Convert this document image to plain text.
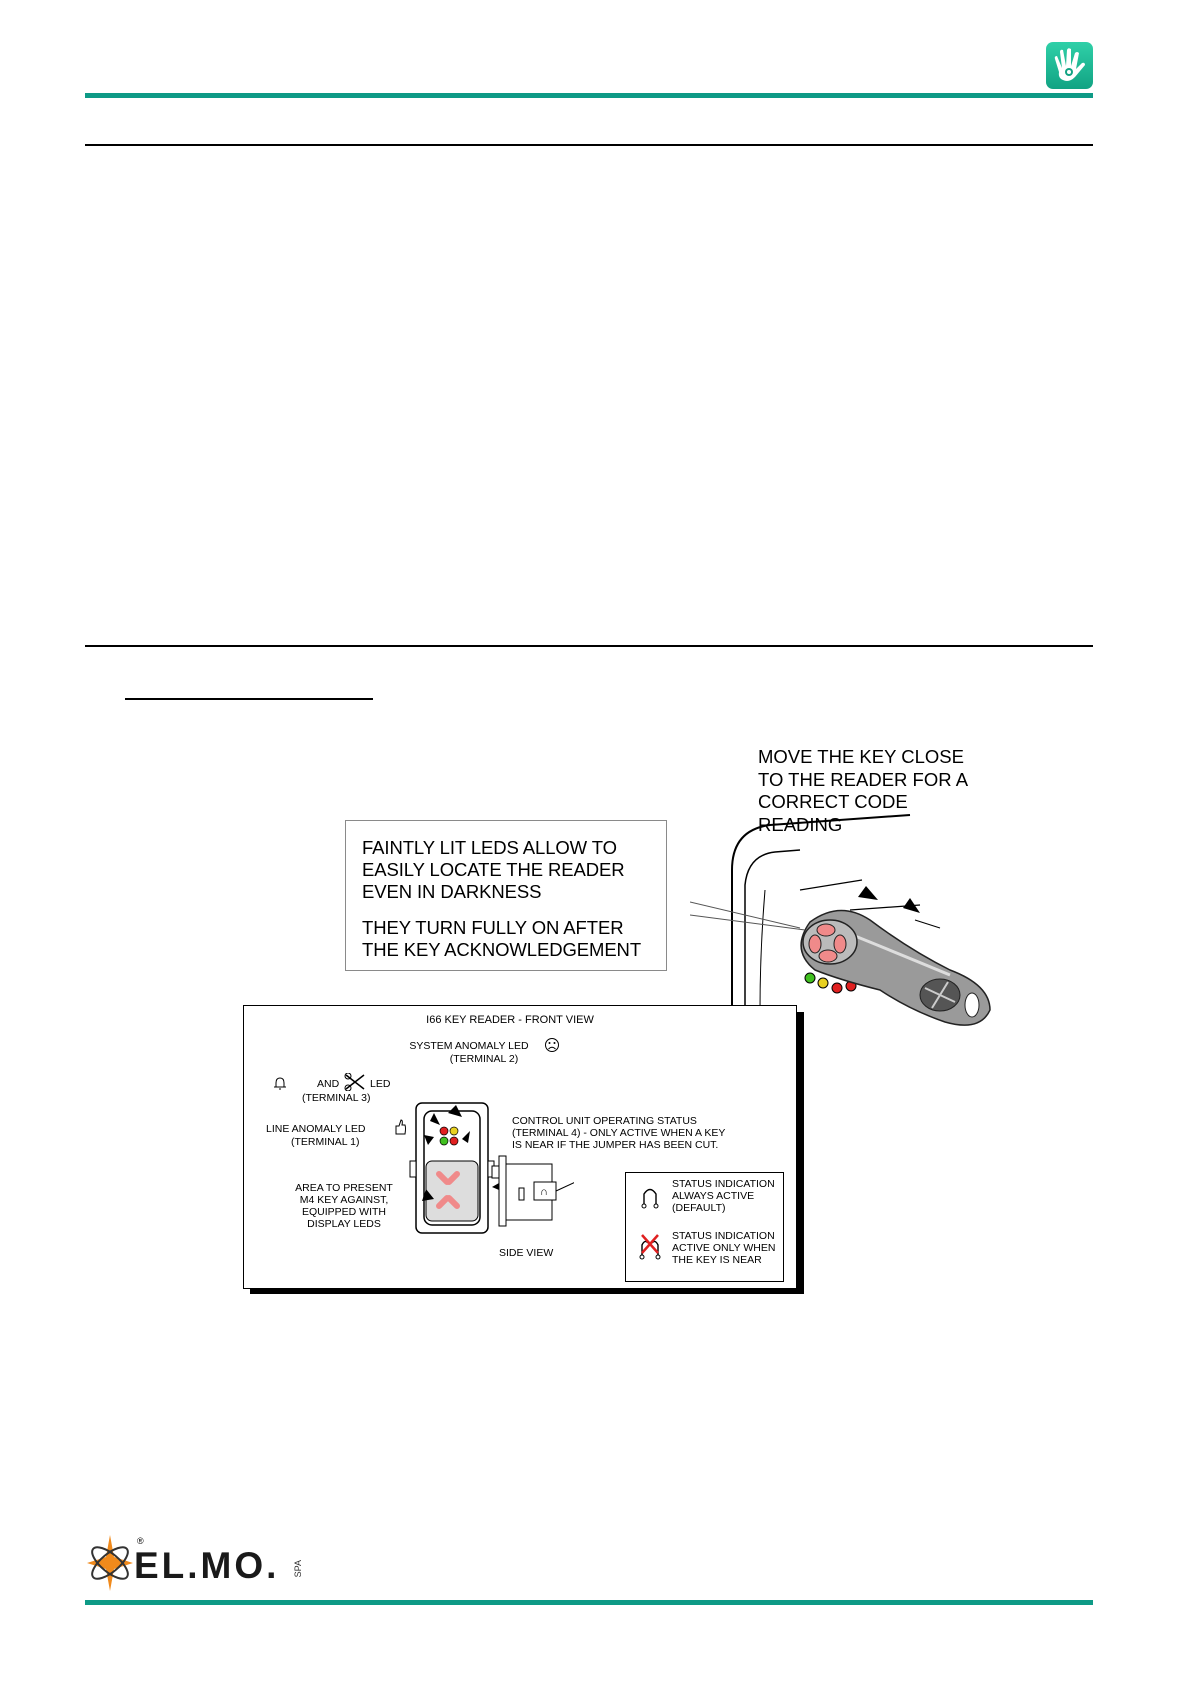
MOVE THE KEY CLOSE
TO THE READER FOR A
CORRECT CODE
READING
FAINTLY LIT LEDS ALLOW TO
EASILY LOCATE THE READER
EVEN IN DARKNESS
THEY TURN FULLY ON AFTER
THE KEY ACKNOWLEDGEMENT
I66 KEY READER - FRONT VIEW
SYSTEM ANOMALY LED
(TERMINAL 2)
AND	LED
(TERMINAL 3)
LINE ANOMALY LED
(TERMINAL 1)
CONTROL UNIT OPERATING STATUS
(TERMINAL 4) - ONLY ACTIVE WHEN A KEY
IS NEAR IF THE JUMPER HAS BEEN CUT.
AREA TO PRESENT
M4 KEY AGAINST,
EQUIPPED WITH
DISPLAY LEDS
∩
SIDE VIEW
STATUS INDICATION
ALWAYS ACTIVE
(DEFAULT)
STATUS INDICATION
ACTIVE ONLY WHEN
THE KEY IS NEAR
®
EL.MO. SPA
